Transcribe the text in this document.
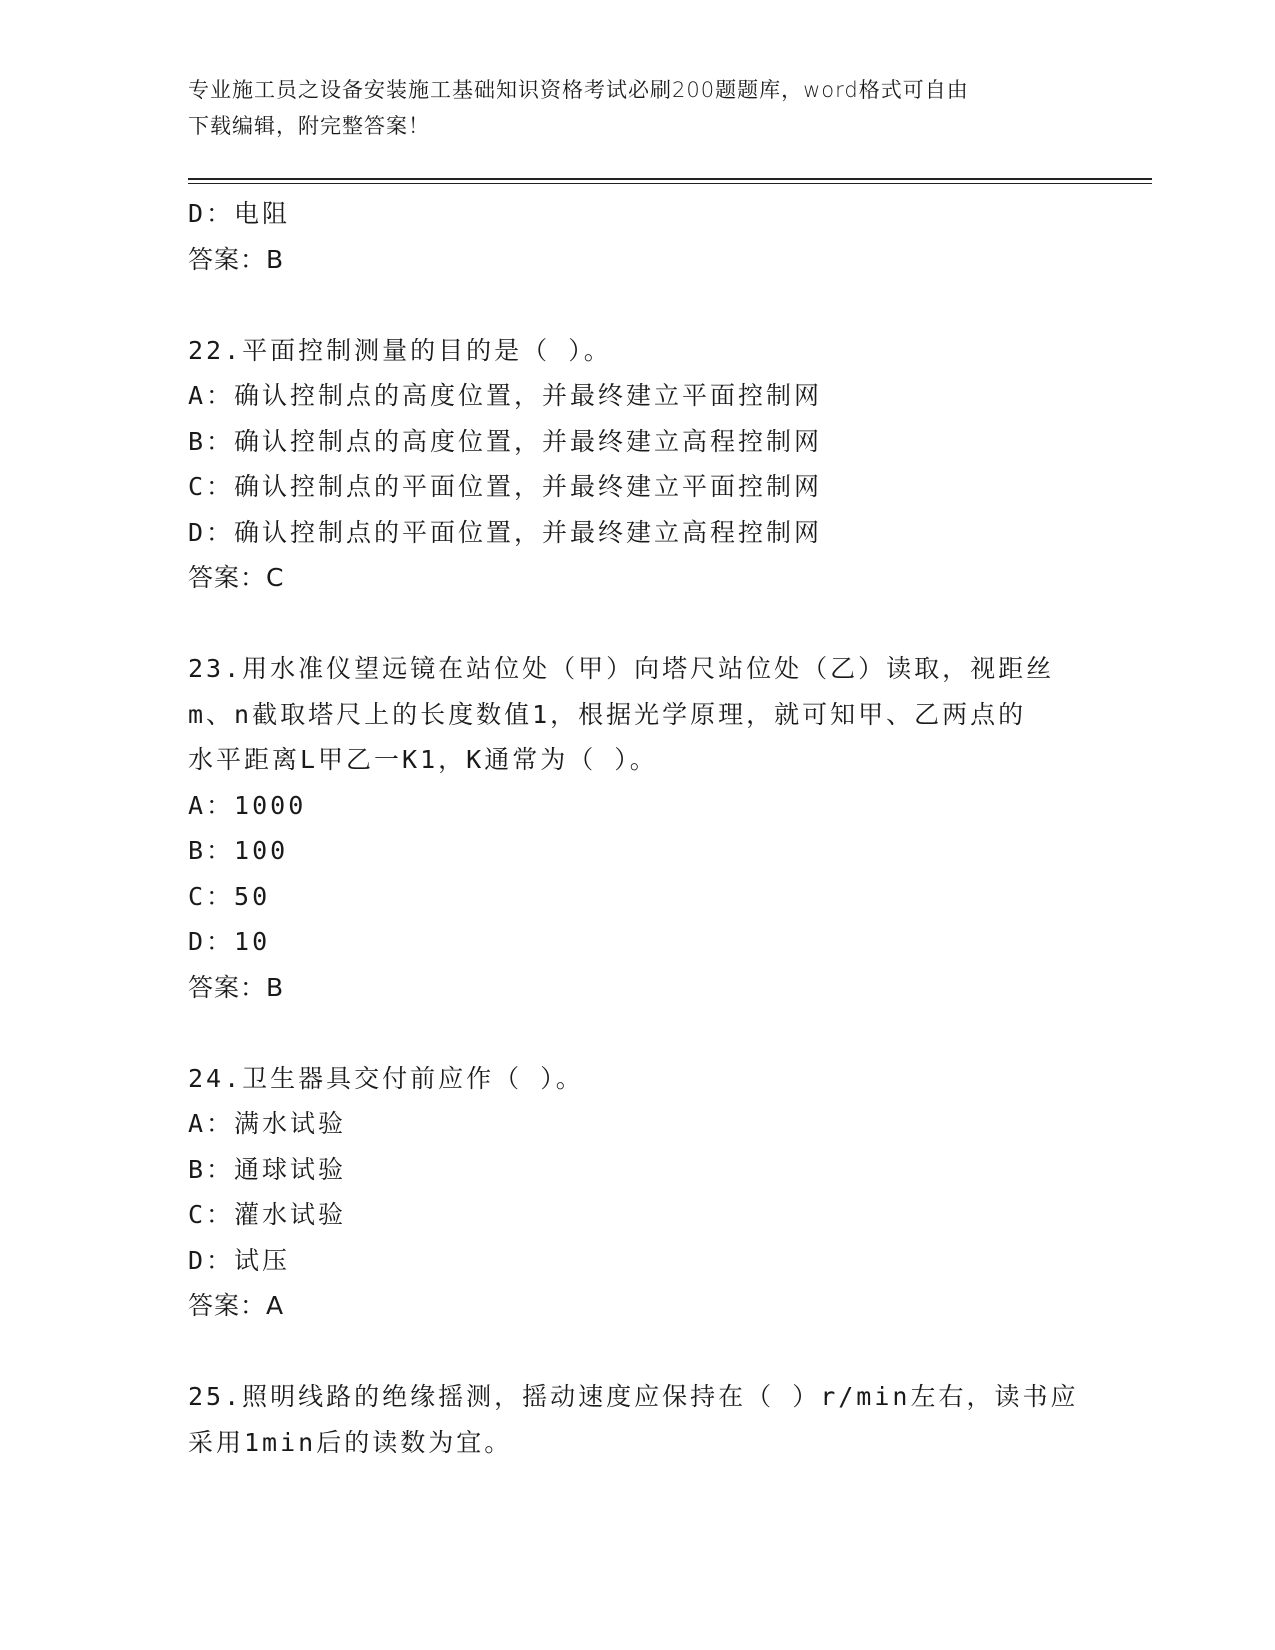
专业施工员之设备安装施工基础知识资格考试必刷200题题库，word格式可自由
下载编辑，附完整答案！
D：电阻
答案：B
22.平面控制测量的目的是（ ）。
A：确认控制点的高度位置，并最终建立平面控制网
B：确认控制点的高度位置，并最终建立高程控制网
C：确认控制点的平面位置，并最终建立平面控制网
D：确认控制点的平面位置，并最终建立高程控制网
答案：C
23.用水准仪望远镜在站位处（甲）向塔尺站位处（乙）读取，视距丝
m、n截取塔尺上的长度数值1，根据光学原理，就可知甲、乙两点的
水平距离L甲乙一K1，K通常为（ ）。
A：1000
B：100
C：50
D：10
答案：B
24.卫生器具交付前应作（ ）。
A：满水试验
B：通球试验
C：灌水试验
D：试压
答案：A
25.照明线路的绝缘摇测，摇动速度应保持在（ ）r/min左右，读书应
采用1min后的读数为宜。
